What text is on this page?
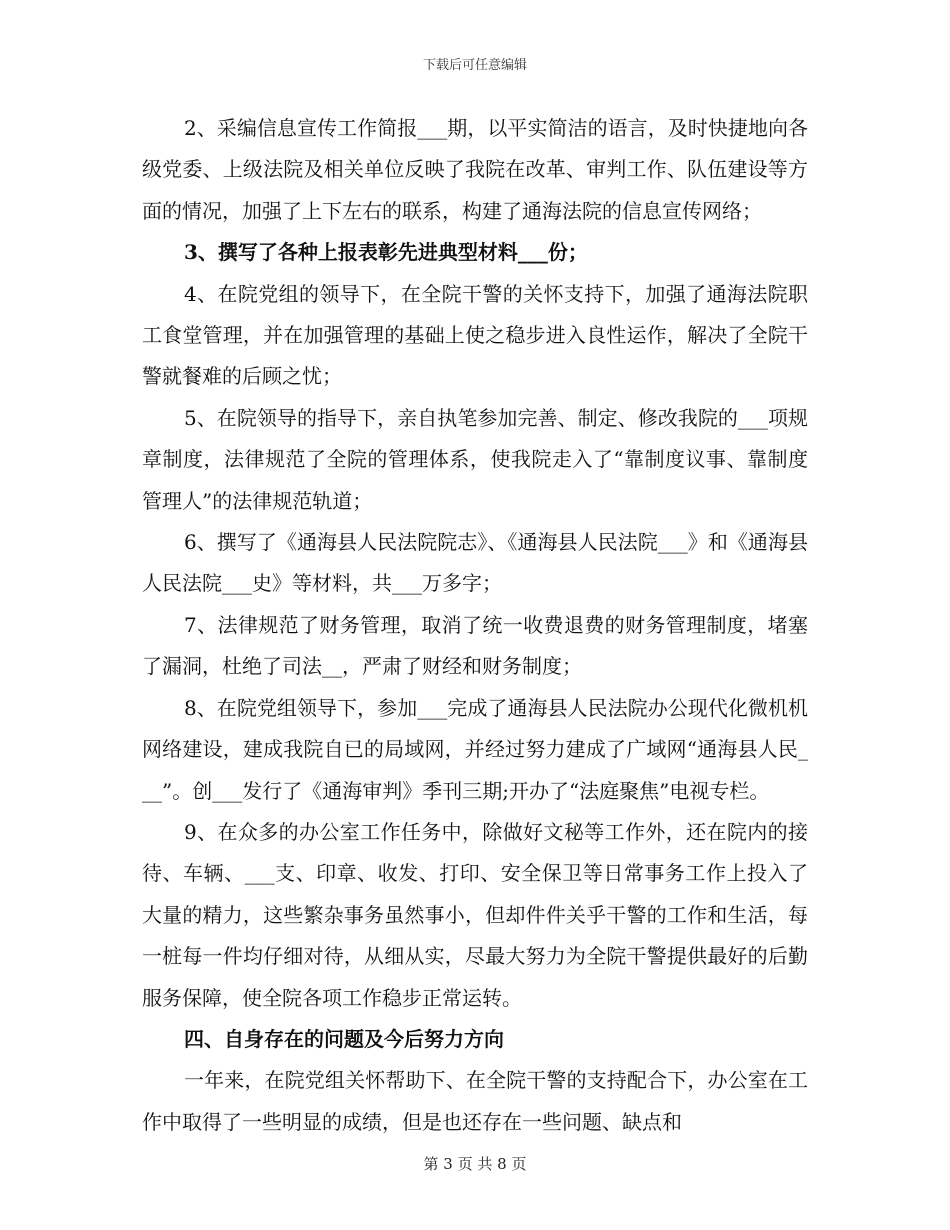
下载后可任意编辑

2、采编信息宣传工作简报___期，以平实简洁的语言，及时快捷地向各级党委、上级法院及相关单位反映了我院在改革、审判工作、队伍建设等方面的情况，加强了上下左右的联系，构建了通海法院的信息宣传网络；

3、撰写了各种上报表彰先进典型材料___份；

4、在院党组的领导下，在全院干警的关怀支持下，加强了通海法院职工食堂管理，并在加强管理的基础上使之稳步进入良性运作，解决了全院干警就餐难的后顾之忧；

5、在院领导的指导下，亲自执笔参加完善、制定、修改我院的___项规章制度，法律规范了全院的管理体系，使我院走入了“靠制度议事、靠制度管理人”的法律规范轨道；

6、撰写了《通海县人民法院院志》、《通海县人民法院___》和《通海县人民法院___史》等材料，共___万多字；

7、法律规范了财务管理，取消了统一收费退费的财务管理制度，堵塞了漏洞，杜绝了司法__，严肃了财经和财务制度；

8、在院党组领导下，参加___完成了通海县人民法院办公现代化微机机网络建设，建成我院自已的局域网，并经过努力建成了广域网“通海县人民___”。创___发行了《通海审判》季刊三期;开办了“法庭聚焦”电视专栏。

9、在众多的办公室工作任务中，除做好文秘等工作外，还在院内的接待、车辆、___支、印章、收发、打印、安全保卫等日常事务工作上投入了大量的精力，这些繁杂事务虽然事小，但却件件关乎干警的工作和生活，每一桩每一件均仔细对待，从细从实，尽最大努力为全院干警提供最好的后勤服务保障，使全院各项工作稳步正常运转。

四、自身存在的问题及今后努力方向

一年来，在院党组关怀帮助下、在全院干警的支持配合下，办公室在工作中取得了一些明显的成绩，但是也还存在一些问题、缺点和

第 3 页 共 8 页
